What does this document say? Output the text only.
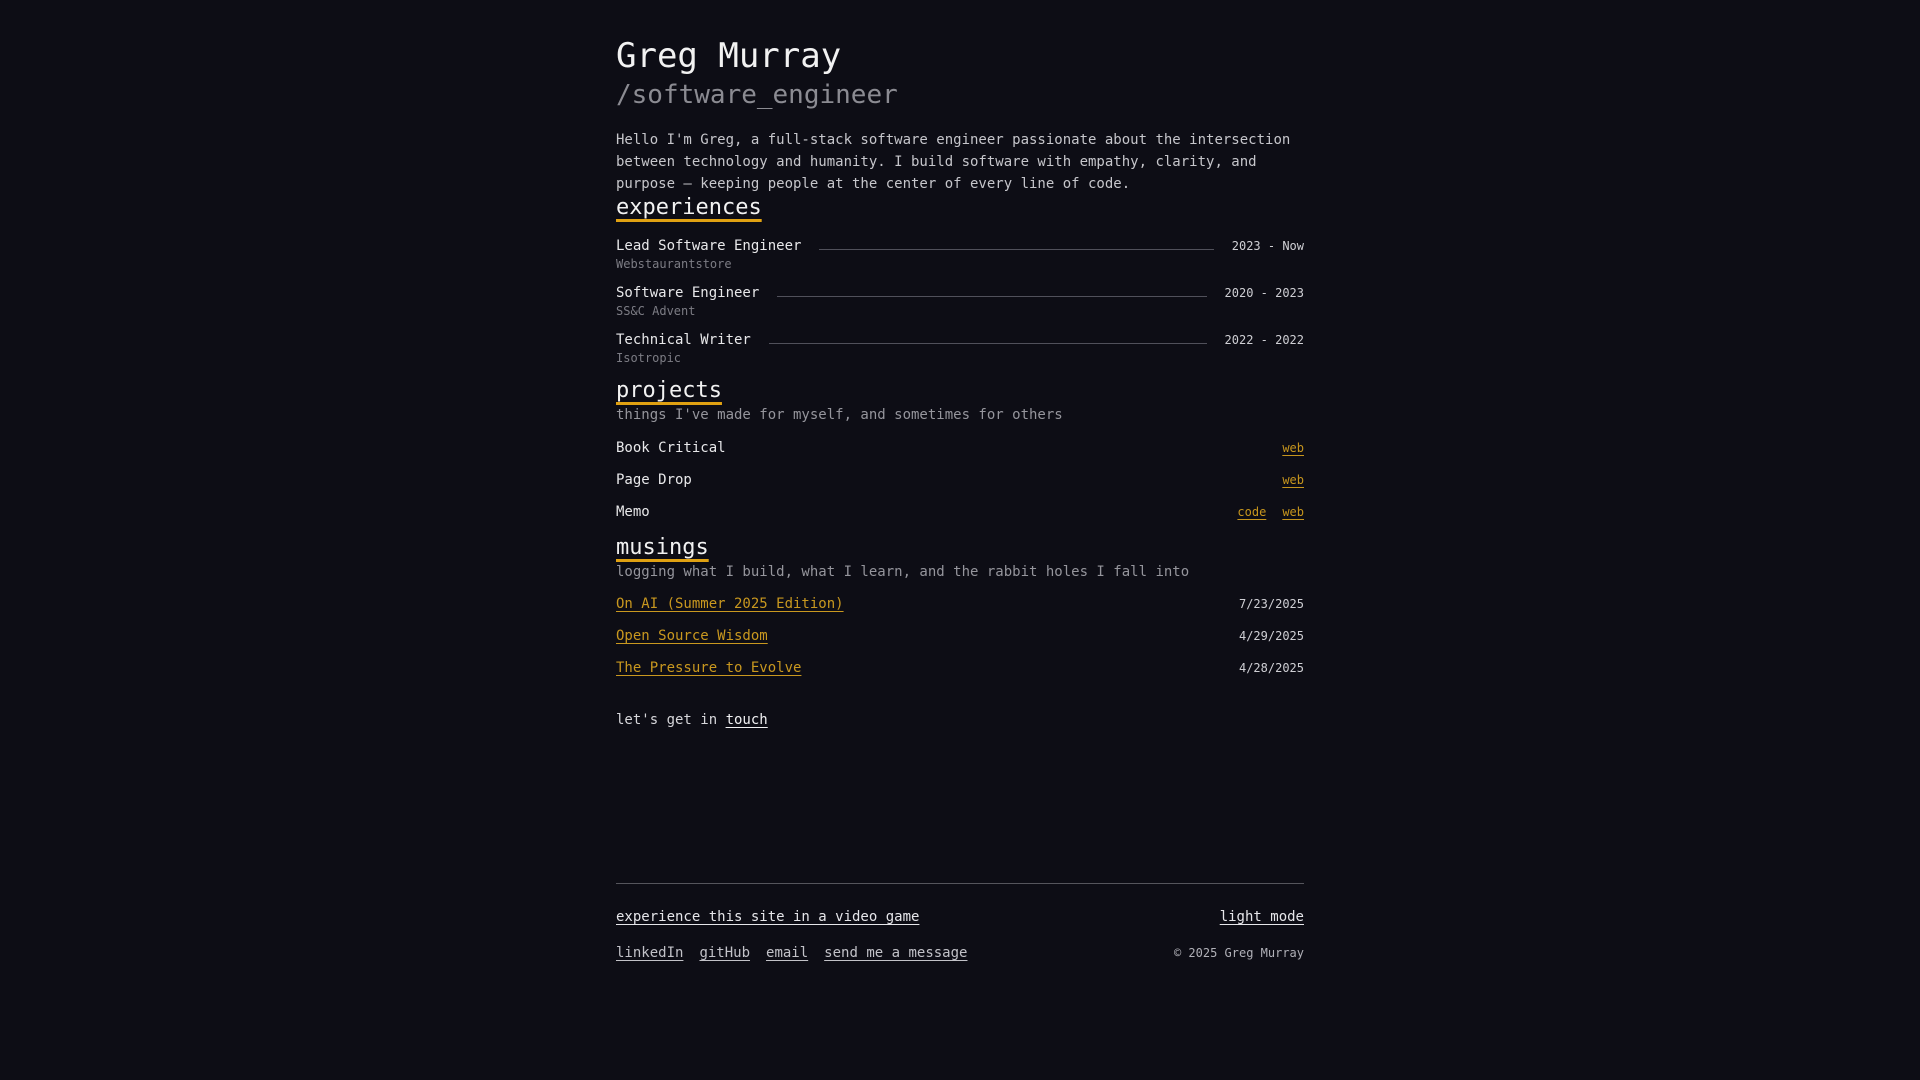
Greg Murray
/software_engineer

Hello I'm Greg, a full-stack software engineer passionate about the intersection between technology and humanity. I build software with empathy, clarity, and purpose — keeping people at the center of every line of code.

experiences
Lead Software Engineer	2023 - Now
Webstaurantstore
Software Engineer	2020 - 2023
SS&C Advent
Technical Writer	2022 - 2022
Isotropic
projects

things I've made for myself, and sometimes for others

Book Critical	web
Page Drop	web
Memo	code web
musings

logging what I build, what I learn, and the rabbit holes I fall into

On AI (Summer 2025 Edition)	7/23/2025
Open Source Wisdom	4/29/2025
The Pressure to Evolve	4/28/2025
let's get in touch
experience this site in a video game	light mode
linkedIn gitHub email send me a message	© 2025 Greg Murray
